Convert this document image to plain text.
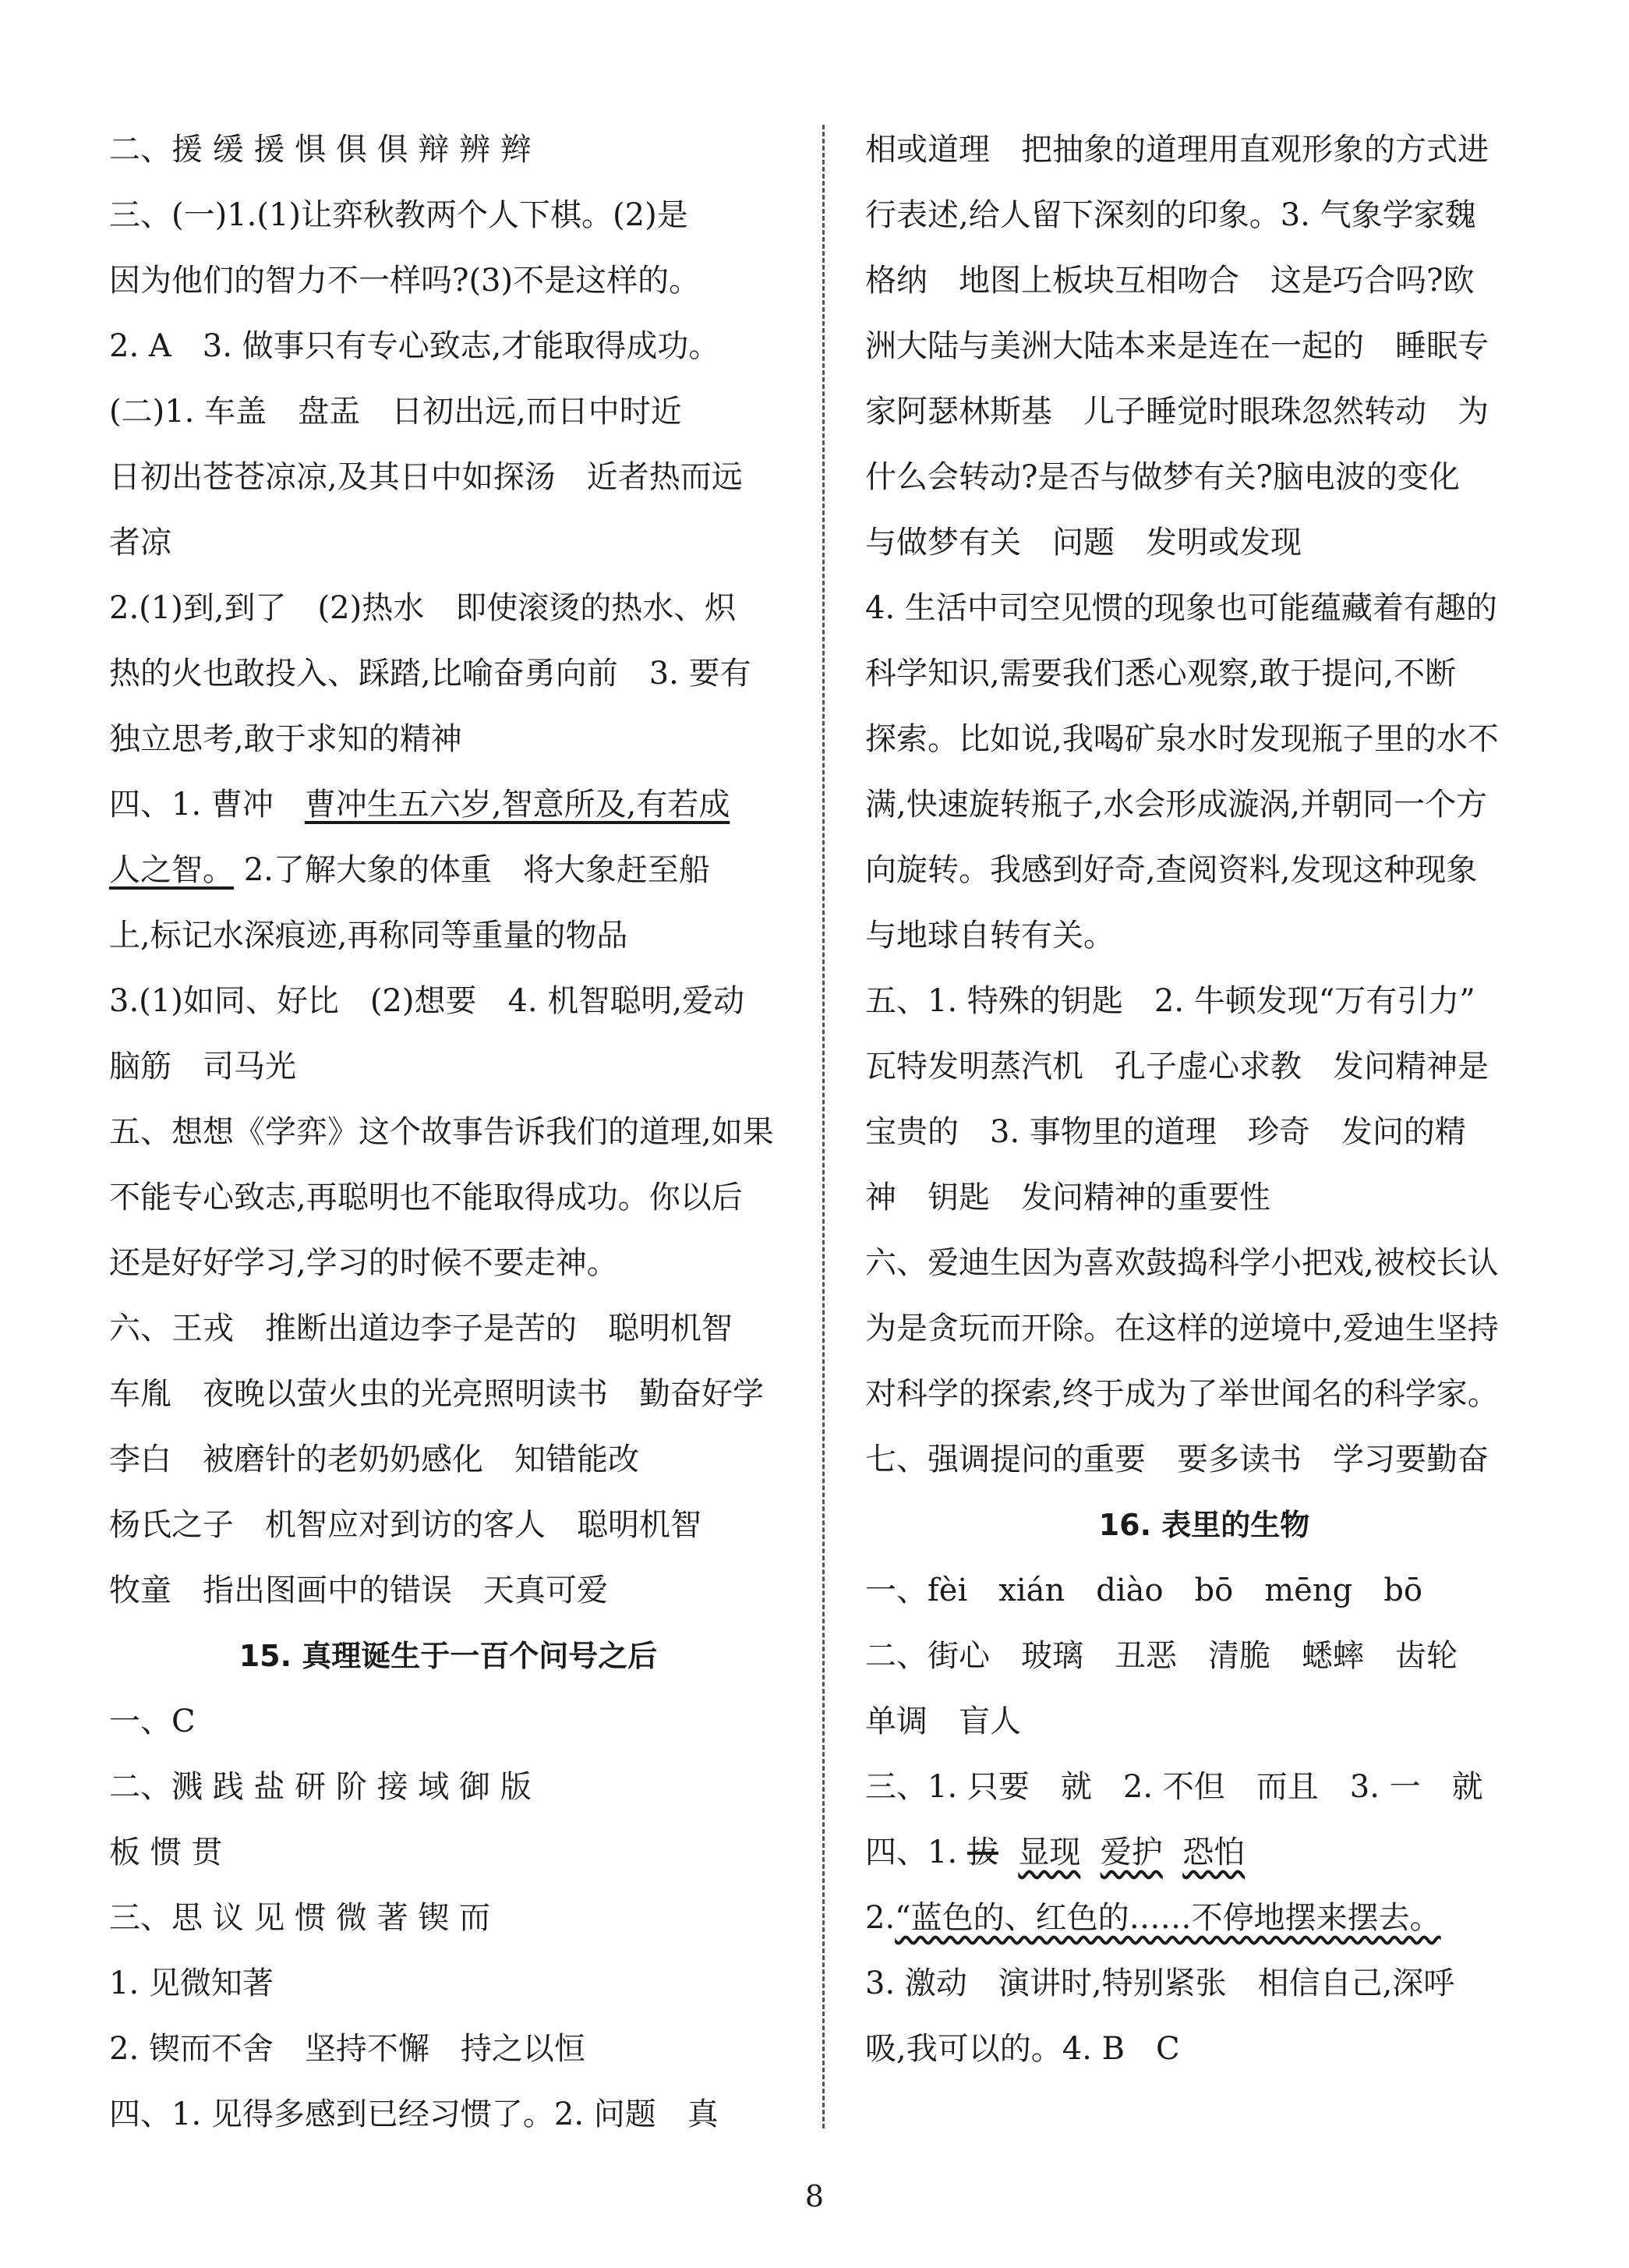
二、援 缓 援 惧 俱 俱 辩 辨 辫
三、(一)1.(1)让弈秋教两个人下棋。(2)是
因为他们的智力不一样吗?(3)不是这样的。
2. A　3. 做事只有专心致志,才能取得成功。
(二)1. 车盖　盘盂　日初出远,而日中时近
日初出苍苍凉凉,及其日中如探汤　近者热而远
者凉
2.(1)到,到了　(2)热水　即使滚烫的热水、炽
热的火也敢投入、踩踏,比喻奋勇向前　3. 要有
独立思考,敢于求知的精神
四、1. 曹冲　曹冲生五六岁,智意所及,有若成
人之智。 2.了解大象的体重　将大象赶至船
上,标记水深痕迹,再称同等重量的物品
3.(1)如同、好比　(2)想要　4. 机智聪明,爱动
脑筋　司马光
五、想想《学弈》这个故事告诉我们的道理,如果
不能专心致志,再聪明也不能取得成功。你以后
还是好好学习,学习的时候不要走神。
六、王戎　推断出道边李子是苦的　聪明机智
车胤　夜晚以萤火虫的光亮照明读书　勤奋好学
李白　被磨针的老奶奶感化　知错能改
杨氏之子　机智应对到访的客人　聪明机智
牧童　指出图画中的错误　天真可爱
15. 真理诞生于一百个问号之后
一、C
二、溅 践 盐 研 阶 接 域 御 版
板 惯 贯
三、思 议 见 惯 微 著 锲 而
1. 见微知著
2. 锲而不舍　坚持不懈　持之以恒
四、1. 见得多感到已经习惯了。2. 问题　真
相或道理　把抽象的道理用直观形象的方式进
行表述,给人留下深刻的印象。3. 气象学家魏
格纳　地图上板块互相吻合　这是巧合吗?欧
洲大陆与美洲大陆本来是连在一起的　睡眠专
家阿瑟林斯基　儿子睡觉时眼珠忽然转动　为
什么会转动?是否与做梦有关?脑电波的变化
与做梦有关　问题　发明或发现
4. 生活中司空见惯的现象也可能蕴藏着有趣的
科学知识,需要我们悉心观察,敢于提问,不断
探索。比如说,我喝矿泉水时发现瓶子里的水不
满,快速旋转瓶子,水会形成漩涡,并朝同一个方
向旋转。我感到好奇,查阅资料,发现这种现象
与地球自转有关。
五、1. 特殊的钥匙　2. 牛顿发现“万有引力”
瓦特发明蒸汽机　孔子虚心求教　发问精神是
宝贵的　3. 事物里的道理　珍奇　发问的精
神　钥匙　发问精神的重要性
六、爱迪生因为喜欢鼓捣科学小把戏,被校长认
为是贪玩而开除。在这样的逆境中,爱迪生坚持
对科学的探索,终于成为了举世闻名的科学家。
七、强调提问的重要　要多读书　学习要勤奋
16. 表里的生物
一、fèi　xián　diào　bō　mēng　bō
二、街心　玻璃　丑恶　清脆　蟋蟀　齿轮
单调　盲人
三、1. 只要　就　2. 不但　而且　3. 一　就
四、1. 拔 显现 爱护 恐怕
2.“蓝色的、红色的……不停地摆来摆去。
3. 激动　演讲时,特别紧张　相信自己,深呼
吸,我可以的。4. B　C
8
